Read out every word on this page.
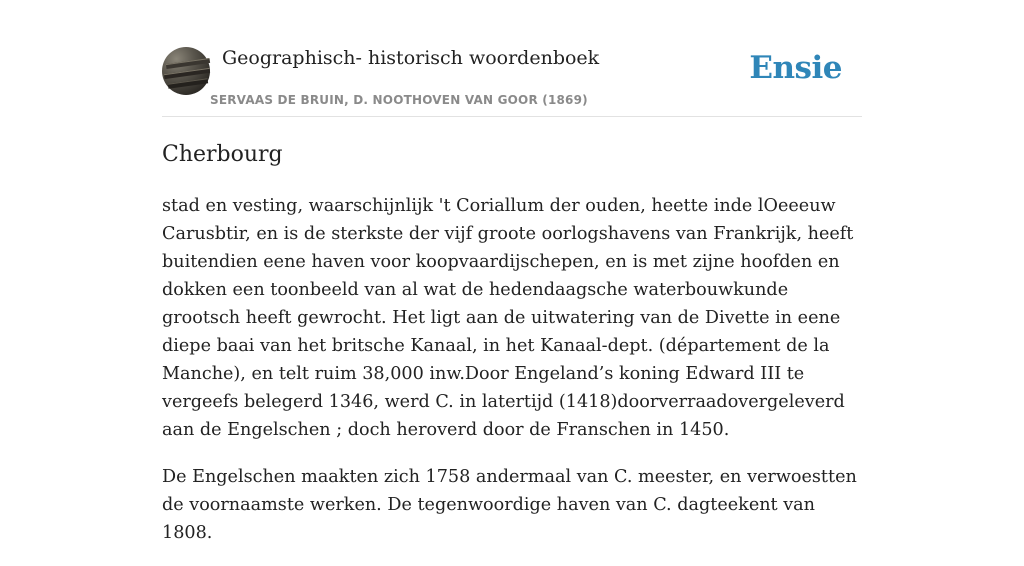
Geographisch- historisch woordenboek
SERVAAS DE BRUIN, D. NOOTHOVEN VAN GOOR (1869)
Ensie
Cherbourg

stad en vesting, waarschijnlijk 't Coriallum der ouden, heette inde lOeeeuw Carusbtir, en is de sterkste der vijf groote oorlogshavens van Frankrijk, heeft buitendien eene haven voor koopvaardijschepen, en is met zijne hoofden en dokken een toonbeeld van al wat de hedendaagsche waterbouwkunde grootsch heeft gewrocht. Het ligt aan de uitwatering van de Divette in eene diepe baai van het britsche Kanaal, in het Kanaal-dept. (département de la Manche), en telt ruim 38,000 inw.Door Engeland’s koning Edward III te vergeefs belegerd 1346, werd C. in latertijd (1418)doorverraadovergeleverd aan de Engelschen ; doch heroverd door de Franschen in 1450.

De Engelschen maakten zich 1758 andermaal van C. meester, en verwoestten de voornaamste werken. De tegenwoordige haven van C. dagteekent van 1808.
